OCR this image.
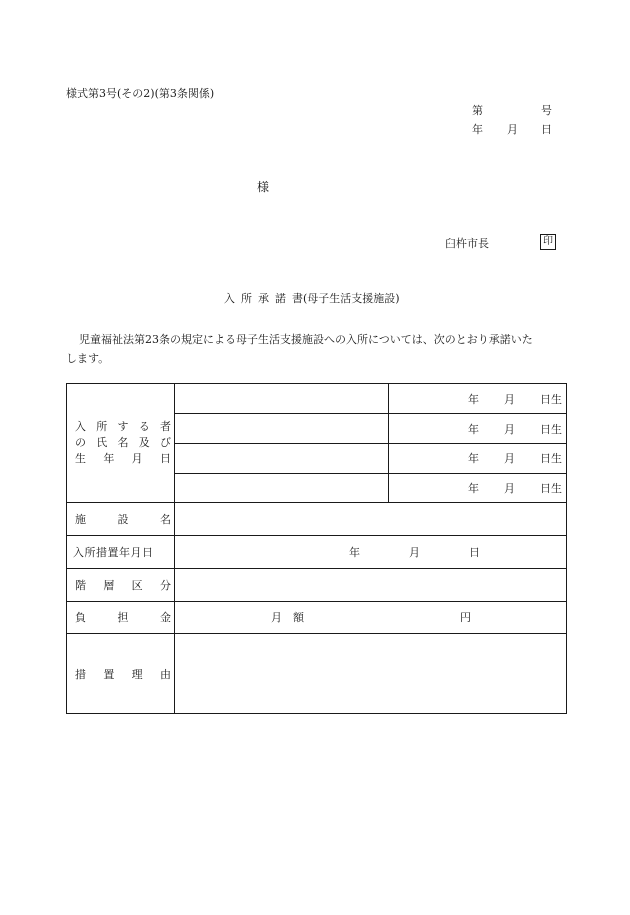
様式第3号(その2)(第3条関係)
第	号
年 月 日
様
臼杵市長	印
入 所 承 諾 書(母子生活支援施設)
児童福祉法第23条の規定による母子生活支援施設への入所については、次のとおり承諾いた
します。
入 所 す る 者
の 氏 名 及 び
生 年 月 日
年 月 日生
年 月 日生
年 月 日生
年 月 日生
施	設	名
入所措置年月日	年	月	日
階 層 区 分
負	担	金	月 額	円
措 置 理 由
